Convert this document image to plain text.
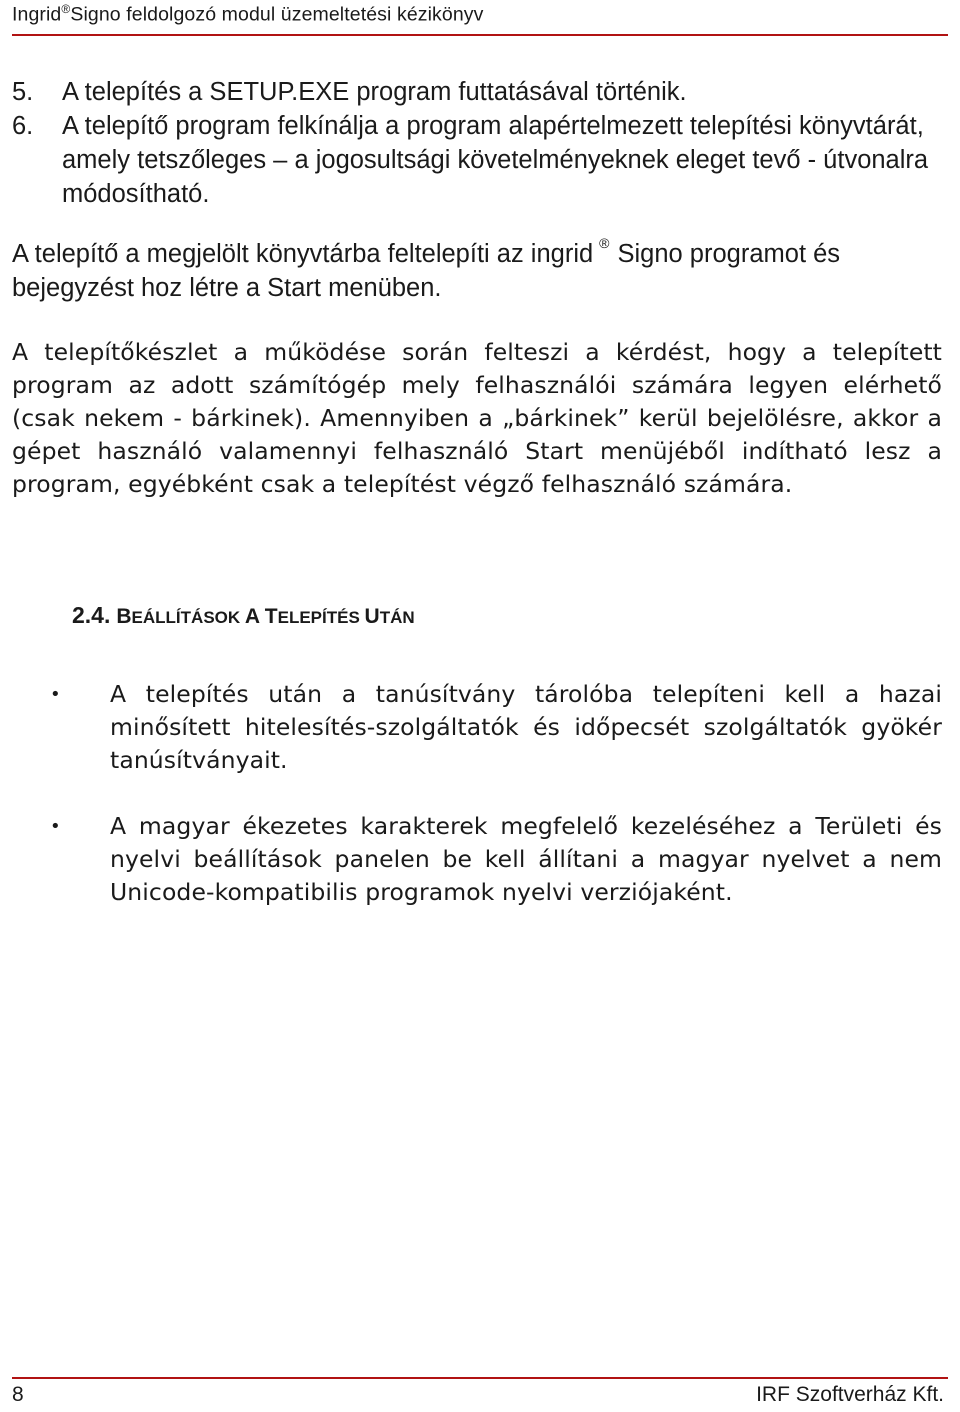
Ingrid®Signo feldolgozó modul üzemeltetési kézikönyv
5.	A telepítés a SETUP.EXE program futtatásával történik.
6.	A telepítő program felkínálja a program alapértelmezett telepítési könyvtárát, amely tetszőleges – a jogosultsági követelményeknek eleget tevő - útvonalra módosítható.
A telepítő a megjelölt könyvtárba feltelepíti az ingrid ® Signo programot és bejegyzést hoz létre a Start menüben.
A telepítőkészlet a működése során felteszi a kérdést, hogy a telepített program az adott számítógép mely felhasználói számára legyen elérhető (csak nekem - bárkinek). Amennyiben a „bárkinek” kerül bejelölésre, akkor a gépet használó valamennyi felhasználó Start menüjéből indítható lesz a program, egyébként csak a telepítést végző felhasználó számára.
2.4. BEÁLLÍTÁSOK A TELEPÍTÉS UTÁN
•	A telepítés után a tanúsítvány tárolóba telepíteni kell a hazai minősített hitelesítés-szolgáltatók és időpecsét szolgáltatók gyökér tanúsítványait.
•	A magyar ékezetes karakterek megfelelő kezeléséhez a Területi és nyelvi beállítások panelen be kell állítani a magyar nyelvet a nem Unicode-kompatibilis programok nyelvi verziójaként.
8	IRF Szoftverház Kft.
